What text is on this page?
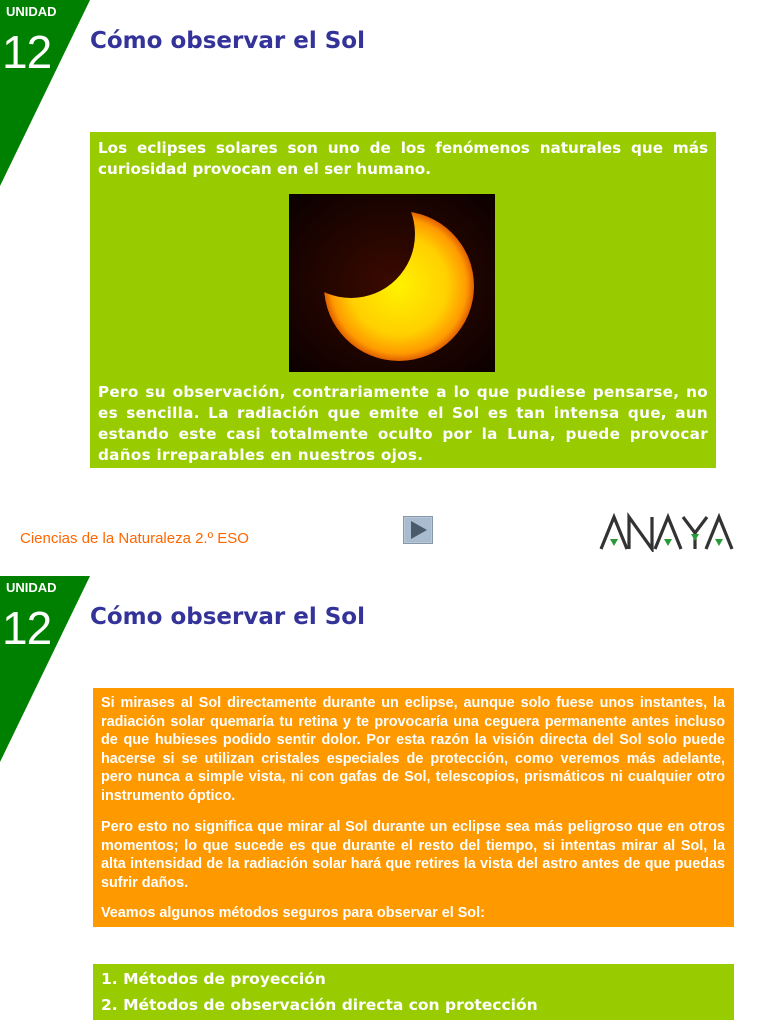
UNIDAD
12 Cómo observar el Sol

Los eclipses solares son uno de los fenómenos naturales que más curiosidad provocan en el ser humano.

Pero su observación, contrariamente a lo que pudiese pensarse, no es sencilla. La radiación que emite el Sol es tan intensa que, aun estando este casi totalmente oculto por la Luna, puede provocar daños irreparables en nuestros ojos.

Ciencias de la Naturaleza 2.º ESO
UNIDAD
12 Cómo observar el Sol

Si mirases al Sol directamente durante un eclipse, aunque solo fuese unos instantes, la radiación solar quemaría tu retina y te provocaría una ceguera permanente antes incluso de que hubieses podido sentir dolor. Por esta razón la visión directa del Sol solo puede hacerse si se utilizan cristales especiales de protección, como veremos más adelante, pero nunca a simple vista, ni con gafas de Sol, telescopios, prismáticos ni cualquier otro instrumento óptico.

Pero esto no significa que mirar al Sol durante un eclipse sea más peligroso que en otros momentos; lo que sucede es que durante el resto del tiempo, si intentas mirar al Sol, la alta intensidad de la radiación solar hará que retires la vista del astro antes de que puedas sufrir daños.

Veamos algunos métodos seguros para observar el Sol:

1. Métodos de proyección
2. Métodos de observación directa con protección
